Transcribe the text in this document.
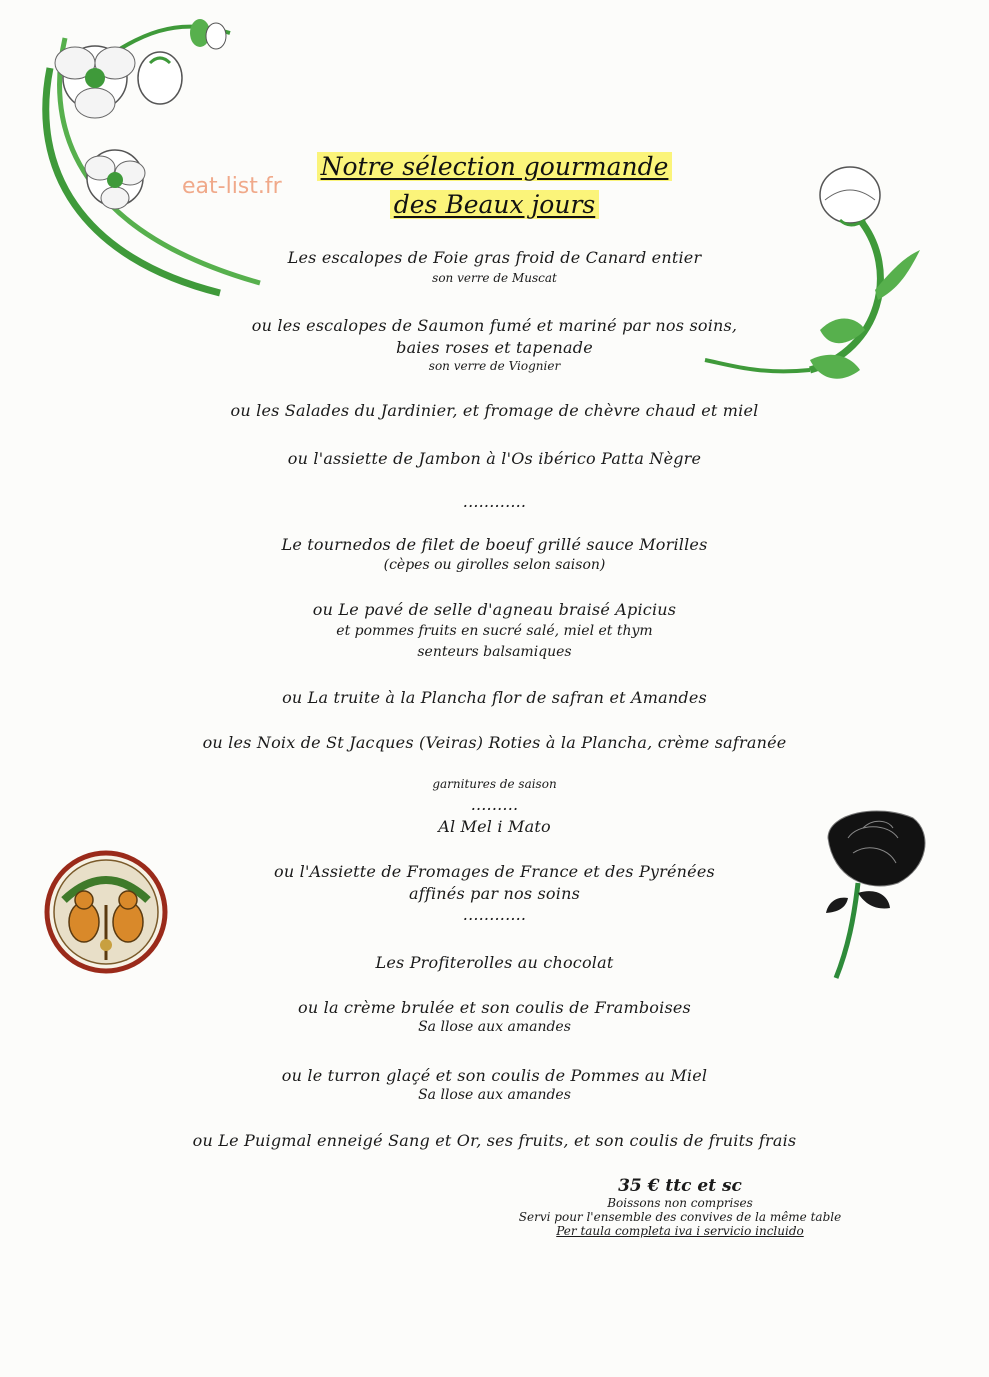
eat-list.fr
Notre sélection gourmande
des Beaux jours
Les escalopes de Foie gras froid de Canard entier
son verre de Muscat
ou les escalopes de Saumon fumé et mariné par nos soins,
baies roses et tapenade
son verre de Viognier
ou les Salades du Jardinier, et fromage de chèvre chaud et miel
ou l'assiette de Jambon à l'Os ibérico Patta Nègre
............
Le tournedos de filet de boeuf grillé sauce Morilles
(cèpes ou girolles selon saison)
ou Le pavé de selle d'agneau braisé Apicius
et pommes fruits en sucré salé, miel et thym
senteurs balsamiques
ou La truite à la Plancha flor de safran et Amandes
ou les Noix de St Jacques (Veiras) Roties à la Plancha, crème safranée
garnitures de saison
.........
Al Mel i Mato
ou l'Assiette de Fromages de France et des Pyrénées
affinés par nos soins
............
Les Profiterolles au chocolat
ou la crème brulée et son coulis de Framboises
Sa llose aux amandes
ou le turron glaçé et son coulis de Pommes au Miel
Sa llose aux amandes
ou Le Puigmal enneigé Sang et Or, ses fruits, et son coulis de fruits frais
35 € ttc et sc
Boissons non comprises
Servi pour l'ensemble des convives de la même table
Per taula completa iva i servicio incluido
